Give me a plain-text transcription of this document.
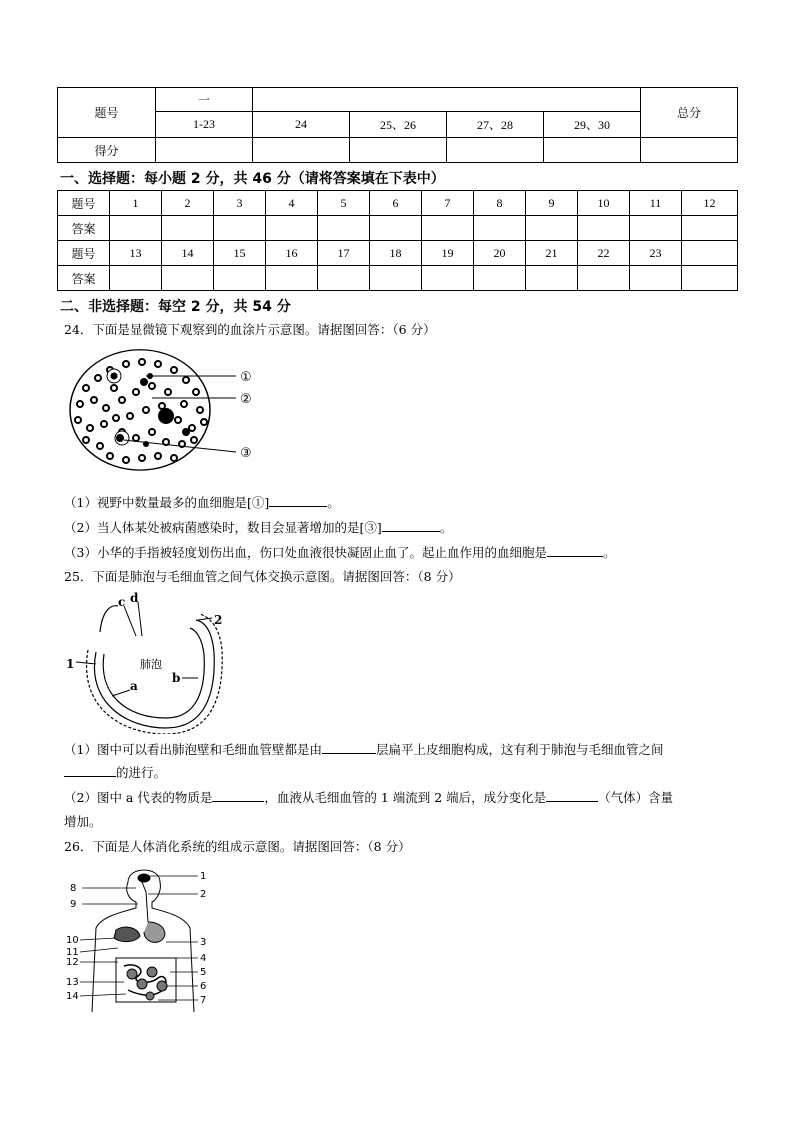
题号	一					总分
	1-23	24	25、26	27、28	29、30	
得分						
一、选择题：每小题 2 分，共 46 分（请将答案填在下表中）
题号	1	2	3	4	5	6	7	8	9	10	11	12
答案												
题号	13	14	15	16	17	18	19	20	21	22	23	
答案												
二、非选择题：每空 2 分，共 54 分
24．下面是显微镜下观察到的血涂片示意图。请据图回答：（6 分）
①
②
③
（1）视野中数量最多的血细胞是[①]	。
（2）当人体某处被病菌感染时，数目会显著增加的是[③]	。
（3）小华的手指被轻度划伤出血，伤口处血液很快凝固止血了。起止血作用的血细胞是	。
25．下面是肺泡与毛细血管之间气体交换示意图。请据图回答：（8 分）
c d
2
1
a
b
肺泡
（1）图中可以看出肺泡壁和毛细血管壁都是由	层扁平上皮细胞构成，这有利于肺泡与毛细血管之间
的进行。
（2）图中 a 代表的物质是	，血液从毛细血管的 1 端流到 2 端后，成分变化是	（气体）含量
增加。
26．下面是人体消化系统的组成示意图。请据图回答：（8 分）
8
9
10
11
12
13
14
1
2
3
4
5
6
7
